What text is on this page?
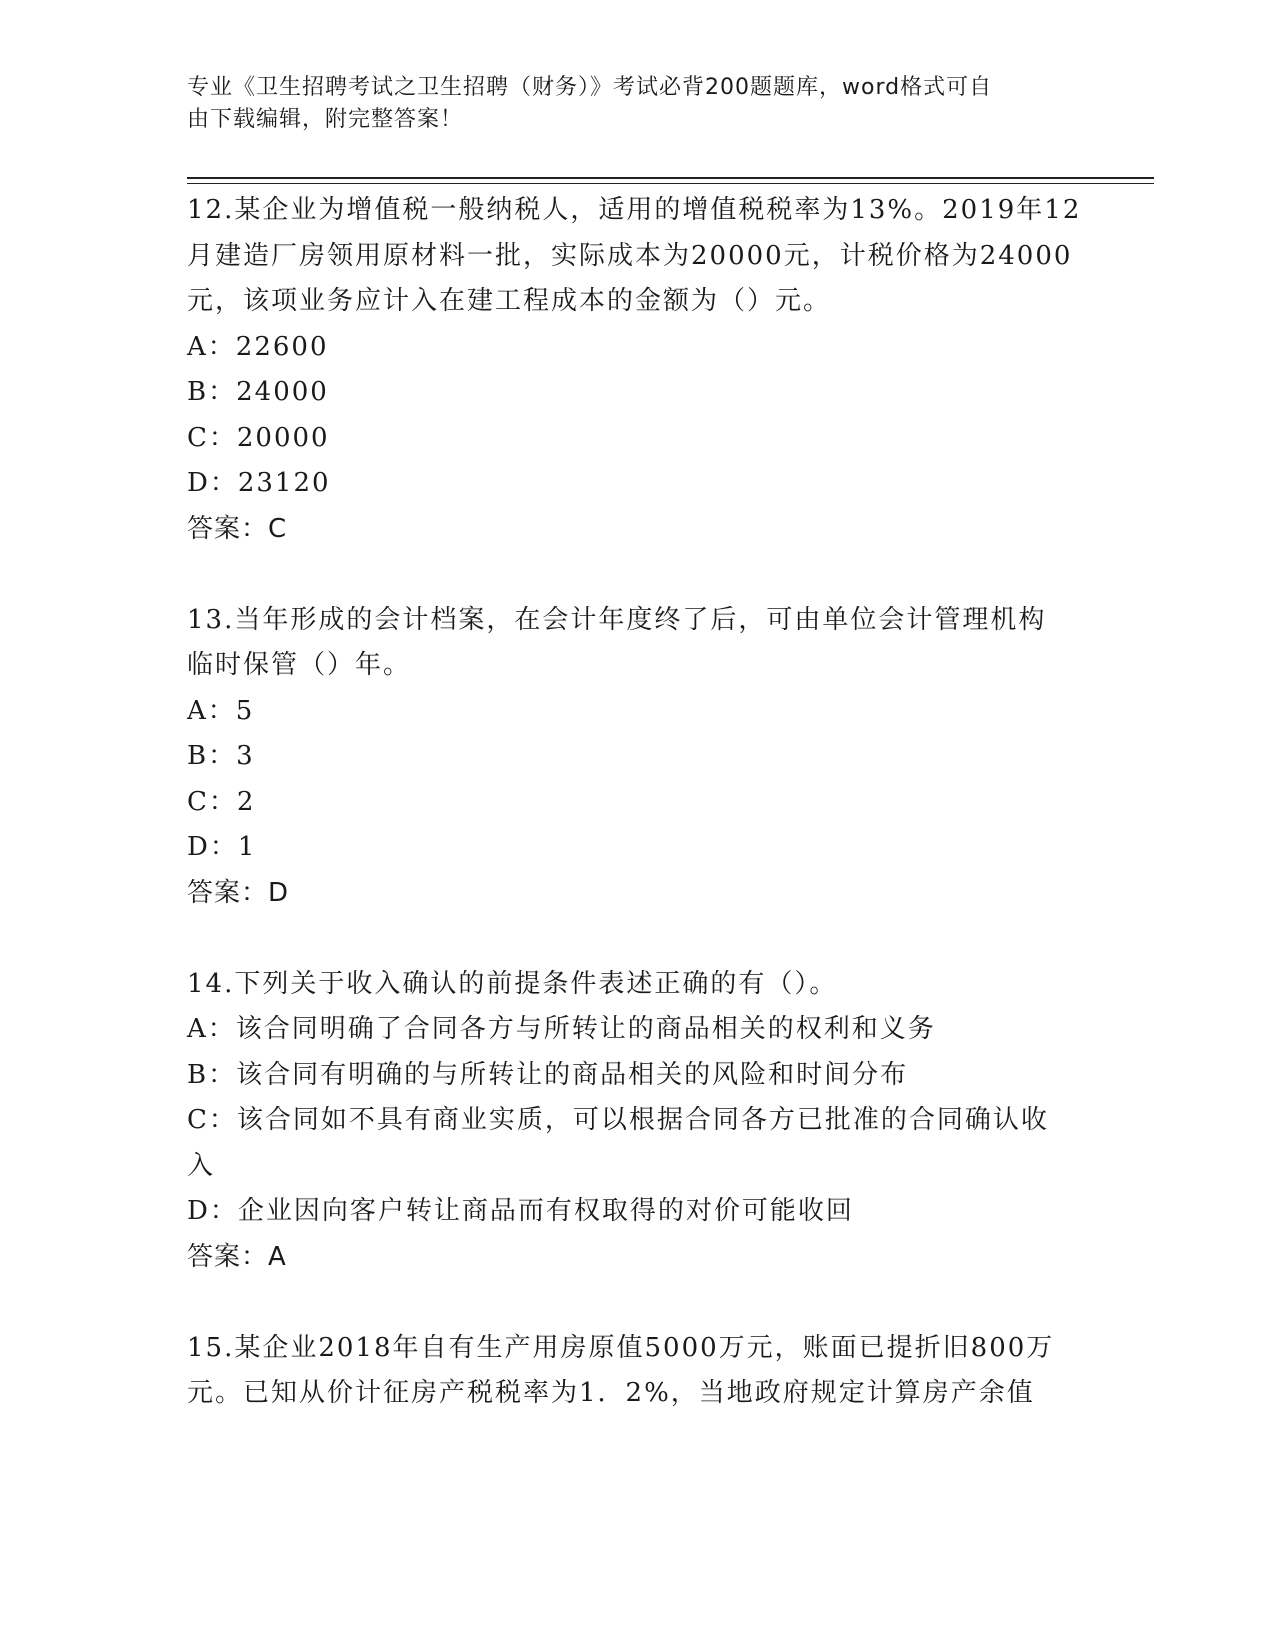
专业《卫生招聘考试之卫生招聘（财务）》考试必背200题题库，word格式可自
由下载编辑，附完整答案！
12.某企业为增值税一般纳税人，适用的增值税税率为13%。2019年12
月建造厂房领用原材料一批，实际成本为20000元，计税价格为24000
元，该项业务应计入在建工程成本的金额为（）元。
A：22600
B：24000
C：20000
D：23120
答案：C
13.当年形成的会计档案，在会计年度终了后，可由单位会计管理机构
临时保管（）年。
A：5
B：3
C：2
D：1
答案：D
14.下列关于收入确认的前提条件表述正确的有（）。
A：该合同明确了合同各方与所转让的商品相关的权利和义务
B：该合同有明确的与所转让的商品相关的风险和时间分布
C：该合同如不具有商业实质，可以根据合同各方已批准的合同确认收
入
D：企业因向客户转让商品而有权取得的对价可能收回
答案：A
15.某企业2018年自有生产用房原值5000万元，账面已提折旧800万
元。已知从价计征房产税税率为1．2%，当地政府规定计算房产余值
